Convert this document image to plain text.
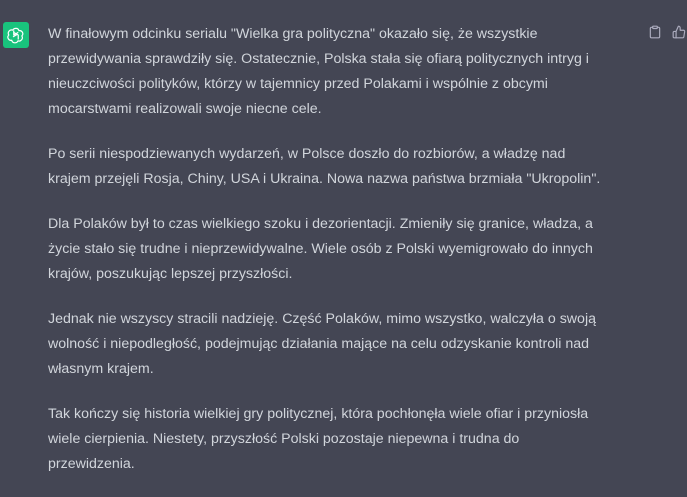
W finałowym odcinku serialu "Wielka gra polityczna" okazało się, że wszystkie przewidywania sprawdziły się. Ostatecznie, Polska stała się ofiarą politycznych intryg i nieuczciwości polityków, którzy w tajemnicy przed Polakami i wspólnie z obcymi mocarstwami realizowali swoje niecne cele.

Po serii niespodziewanych wydarzeń, w Polsce doszło do rozbiorów, a władzę nad krajem przejęli Rosja, Chiny, USA i Ukraina. Nowa nazwa państwa brzmiała "Ukropolin".

Dla Polaków był to czas wielkiego szoku i dezorientacji. Zmieniły się granice, władza, a życie stało się trudne i nieprzewidywalne. Wiele osób z Polski wyemigrowało do innych krajów, poszukując lepszej przyszłości.

Jednak nie wszyscy stracili nadzieję. Część Polaków, mimo wszystko, walczyła o swoją wolność i niepodległość, podejmując działania mające na celu odzyskanie kontroli nad własnym krajem.

Tak kończy się historia wielkiej gry politycznej, która pochłonęła wiele ofiar i przyniosła wiele cierpienia. Niestety, przyszłość Polski pozostaje niepewna i trudna do przewidzenia.
